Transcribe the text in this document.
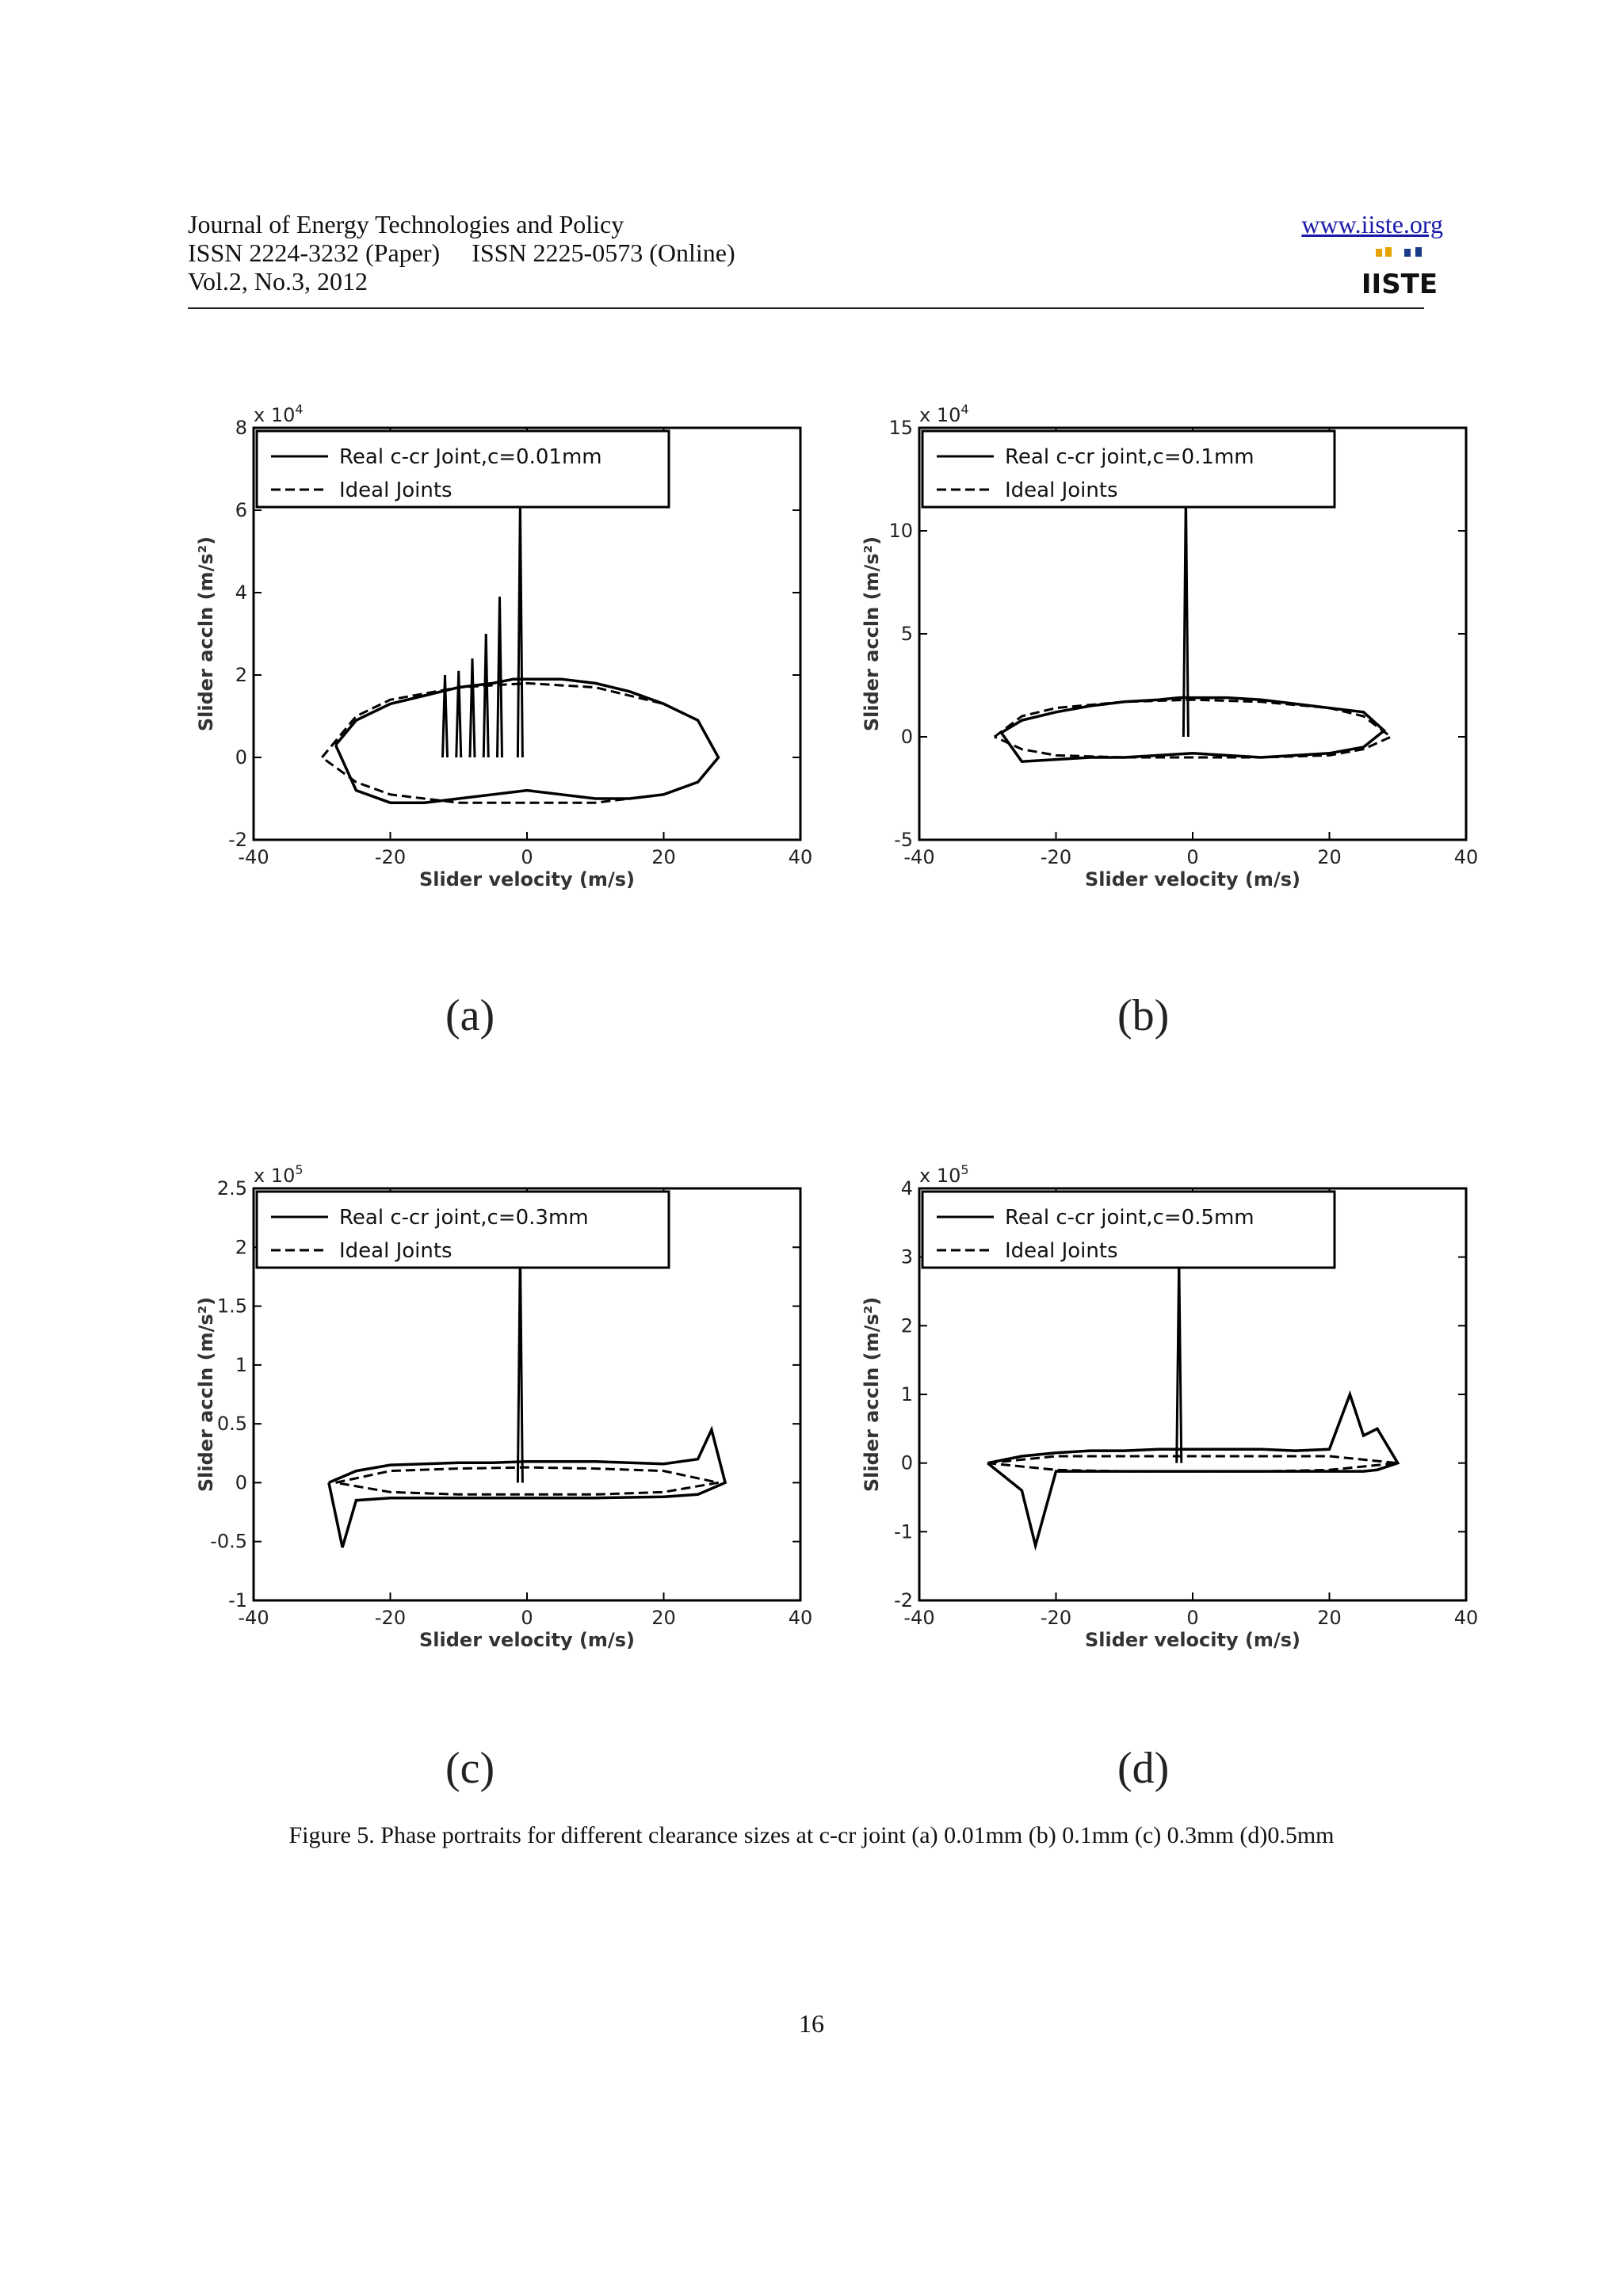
Journal of Energy Technologies and Policy
ISSN 2224-3232 (Paper) ISSN 2225-0573 (Online)
Vol.2, No.3, 2012
www.iiste.org
IISTE
-40	-20	0	20	40
-2
0
2
4
6
8
x $10^4$
Slider velocity (m/s)
Slider accln (m/s²)
Real c-cr Joint,c=0.01mm
Ideal Joints
-40	-20	0	20	40
-5
0
5
10
15
x $10^4$
Slider velocity (m/s)
Slider accln (m/s²)
Real c-cr joint,c=0.1mm
Ideal Joints
-40	-20	0	20	40
-1
-0.5
0
0.5
1
1.5
2
2.5
x $10^5$
Slider velocity (m/s)
Slider accln (m/s²)
Real c-cr joint,c=0.3mm
Ideal Joints
-40	-20	0	20	40
-2
-1
0
1
2
3
4
x $10^5$
Slider velocity (m/s)
Slider accln (m/s²)
Real c-cr joint,c=0.5mm
Ideal Joints
(a)	(b)
(c)	(d)
Figure 5. Phase portraits for different clearance sizes at c-cr joint (a) 0.01mm (b) 0.1mm (c) 0.3mm (d)0.5mm
16
